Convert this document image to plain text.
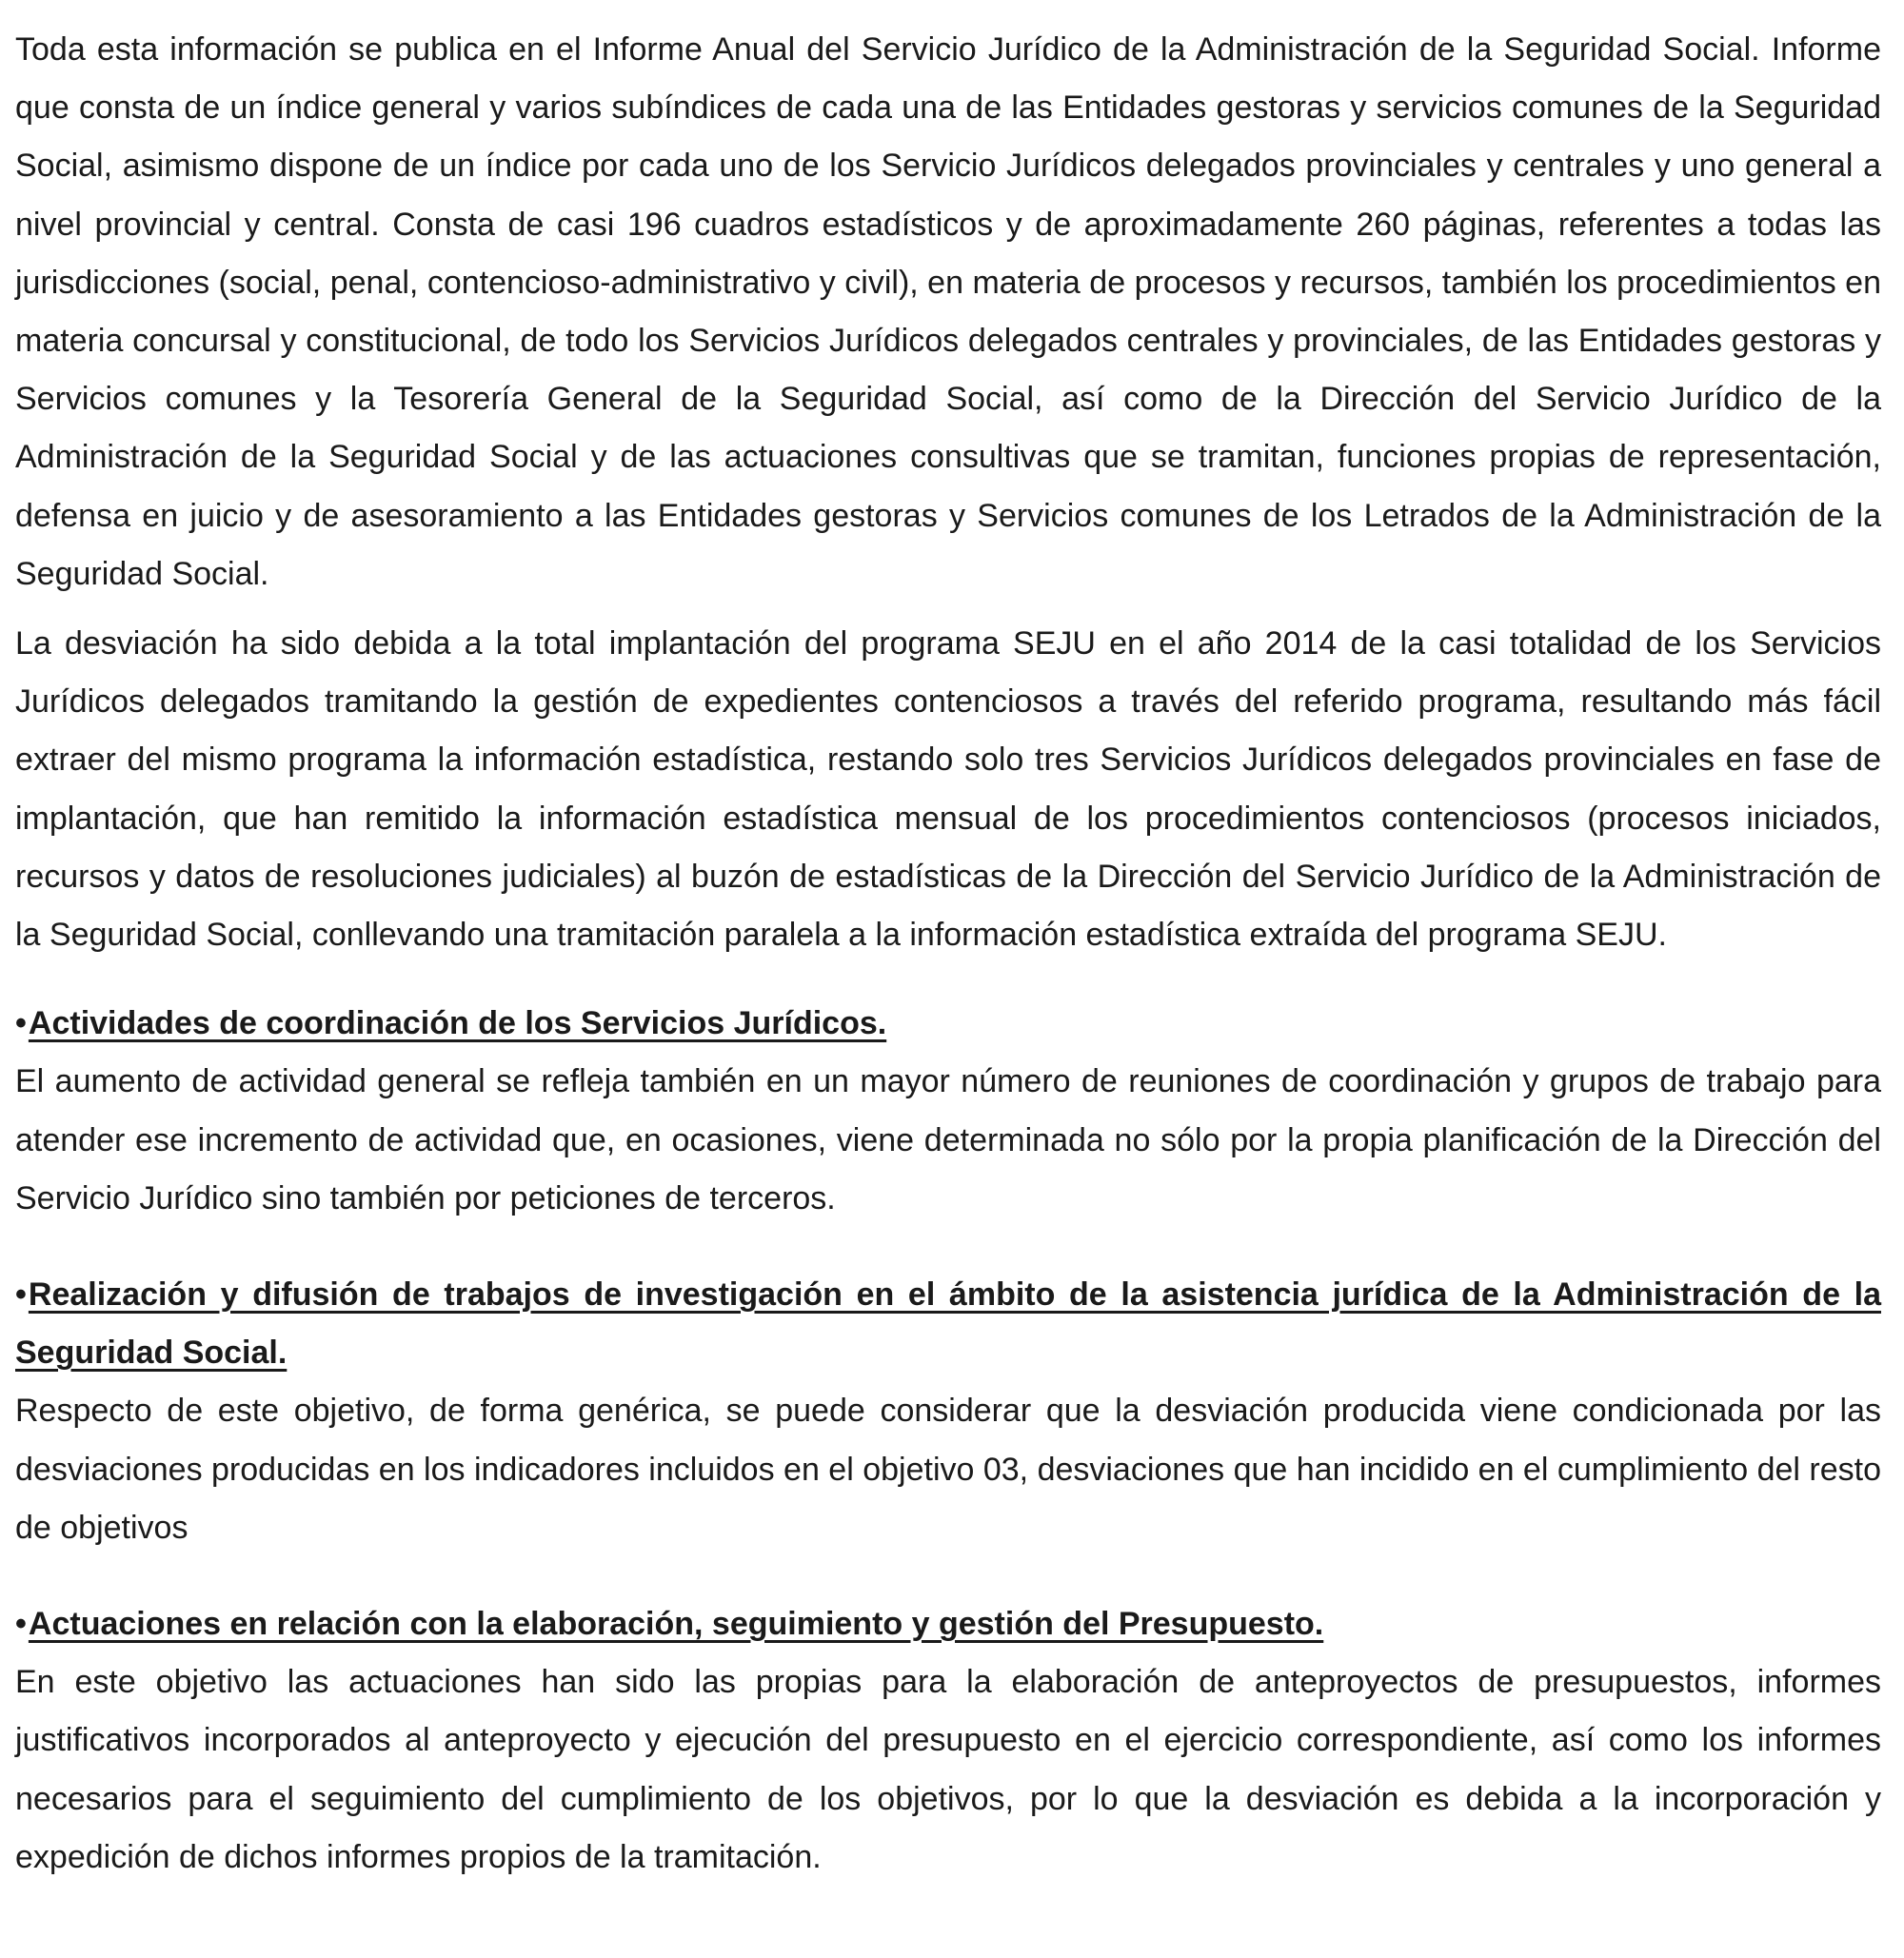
Toda esta información se publica en el Informe Anual del Servicio Jurídico de la Administración de la Seguridad Social. Informe que consta de un índice general y varios subíndices de cada una de las Entidades gestoras y servicios comunes de la Seguridad Social, asimismo dispone de un índice por cada uno de los Servicio Jurídicos delegados provinciales y centrales y uno general a nivel provincial y central. Consta de casi 196 cuadros estadísticos y de aproximadamente 260 páginas, referentes a todas las jurisdicciones (social, penal, contencioso-administrativo y civil), en materia de procesos y recursos, también los procedimientos en materia concursal y constitucional, de todo los Servicios Jurídicos delegados centrales y provinciales, de las Entidades gestoras y Servicios comunes y la Tesorería General de la Seguridad Social, así como de la Dirección del Servicio Jurídico de la Administración de la Seguridad Social y de las actuaciones consultivas que se tramitan, funciones propias de representación, defensa en juicio y de asesoramiento a las Entidades gestoras y Servicios comunes de los Letrados de la Administración de la Seguridad Social.

La desviación ha sido debida a la total implantación del programa SEJU en el año 2014 de la casi totalidad de los Servicios Jurídicos delegados tramitando la gestión de expedientes contenciosos a través del referido programa, resultando más fácil extraer del mismo programa la información estadística, restando solo tres Servicios Jurídicos delegados provinciales en fase de implantación, que han remitido la información estadística mensual de los procedimientos contenciosos (procesos iniciados, recursos y datos de resoluciones judiciales) al buzón de estadísticas de la Dirección del Servicio Jurídico de la Administración de la Seguridad Social, conllevando una tramitación paralela a la información estadística extraída del programa SEJU.

•Actividades de coordinación de los Servicios Jurídicos.

El aumento de actividad general se refleja también en un mayor número de reuniones de coordinación y grupos de trabajo para atender ese incremento de actividad que, en ocasiones, viene determinada no sólo por la propia planificación de la Dirección del Servicio Jurídico sino también por peticiones de terceros.

•Realización y difusión de trabajos de investigación en el ámbito de la asistencia jurídica de la Administración de la Seguridad Social.

Respecto de este objetivo, de forma genérica, se puede considerar que la desviación producida viene condicionada por las desviaciones producidas en los indicadores incluidos en el objetivo 03, desviaciones que han incidido en el cumplimiento del resto de objetivos

•Actuaciones en relación con la elaboración, seguimiento y gestión del Presupuesto.

En este objetivo las actuaciones han sido las propias para la elaboración de anteproyectos de presupuestos, informes justificativos incorporados al anteproyecto y ejecución del presupuesto en el ejercicio correspondiente, así como los informes necesarios para el seguimiento del cumplimiento de los objetivos, por lo que la desviación es debida a la incorporación y expedición de dichos informes propios de la tramitación.
